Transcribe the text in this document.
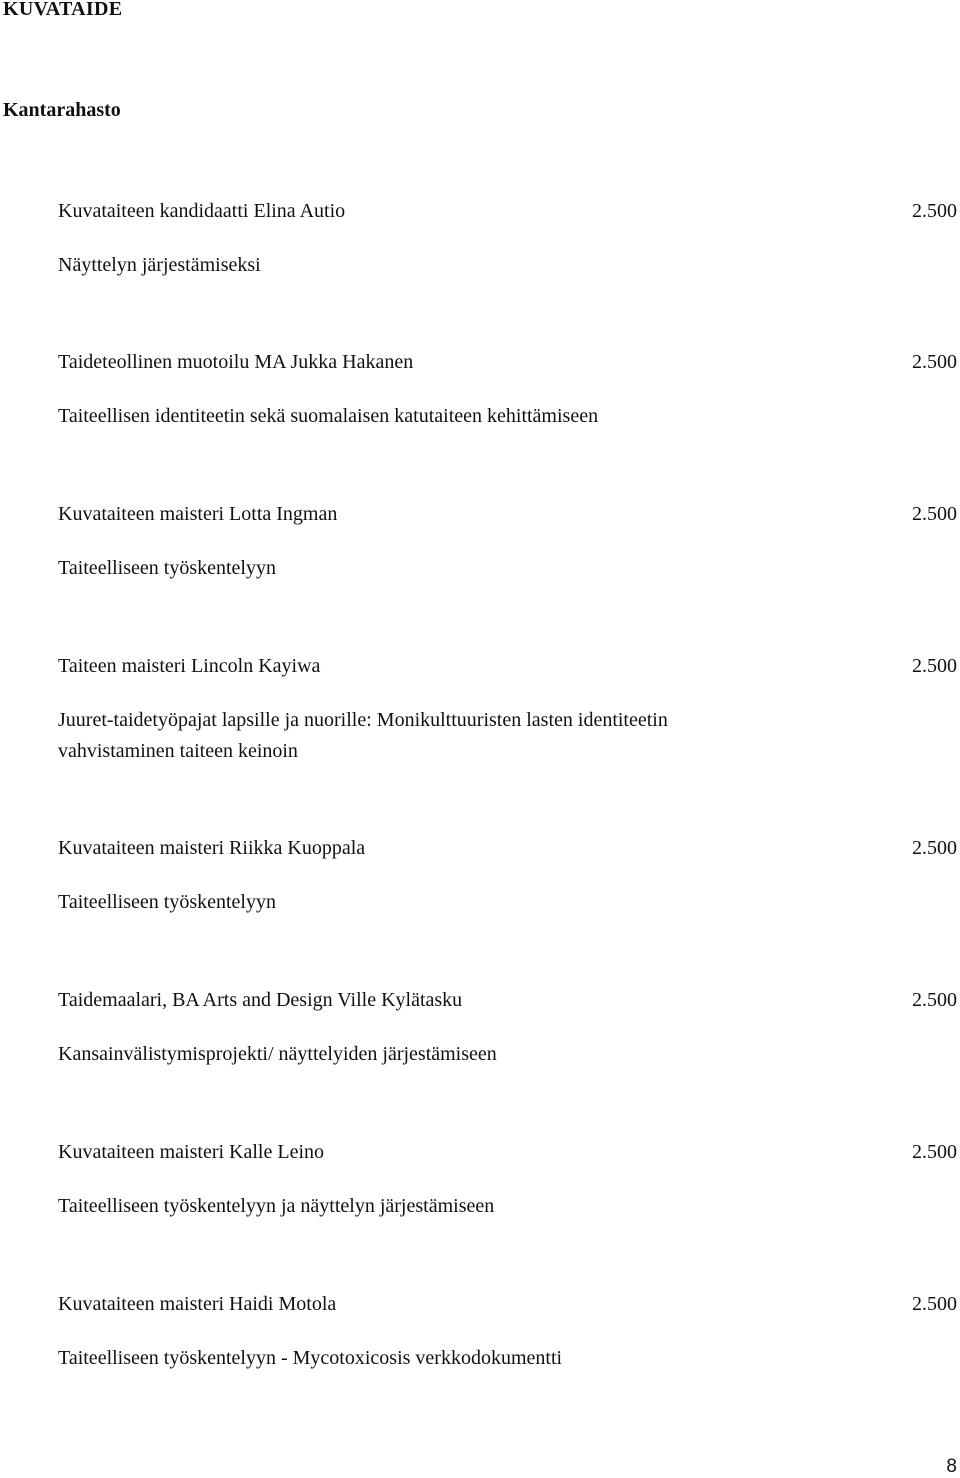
KUVATAIDE
Kantarahasto
Kuvataiteen kandidaatti Elina Autio	2.500
Näyttelyn järjestämiseksi
Taideteollinen muotoilu MA Jukka Hakanen	2.500
Taiteellisen identiteetin sekä suomalaisen katutaiteen kehittämiseen
Kuvataiteen maisteri Lotta Ingman	2.500
Taiteelliseen työskentelyyn
Taiteen maisteri Lincoln Kayiwa	2.500
Juuret-taidetyöpajat lapsille ja nuorille: Monikulttuuristen lasten identiteetin
vahvistaminen taiteen keinoin
Kuvataiteen maisteri Riikka Kuoppala	2.500
Taiteelliseen työskentelyyn
Taidemaalari, BA Arts and Design Ville Kylätasku	2.500
Kansainvälistymisprojekti/ näyttelyiden järjestämiseen
Kuvataiteen maisteri Kalle Leino	2.500
Taiteelliseen työskentelyyn ja näyttelyn järjestämiseen
Kuvataiteen maisteri Haidi Motola	2.500
Taiteelliseen työskentelyyn - Mycotoxicosis verkkodokumentti
8
